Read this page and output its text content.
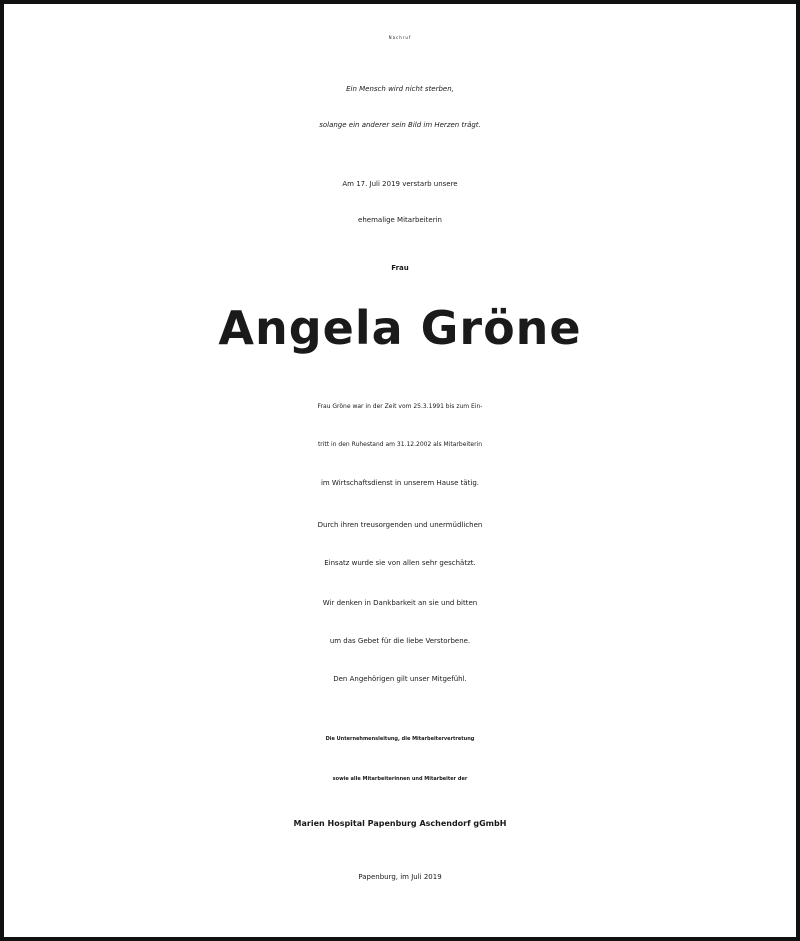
Nachruf
Ein Mensch wird nicht sterben,
solange ein anderer sein Bild im Herzen trägt.
Am 17. Juli 2019 verstarb unsere
ehemalige Mitarbeiterin
Frau
Angela Gröne
Frau Gröne war in der Zeit vom 25.3.1991 bis zum Ein-
tritt in den Ruhestand am 31.12.2002 als Mitarbeiterin
im Wirtschaftsdienst in unserem Hause tätig.
Durch ihren treusorgenden und unermüdlichen
Einsatz wurde sie von allen sehr geschätzt.
Wir denken in Dankbarkeit an sie und bitten
um das Gebet für die liebe Verstorbene.
Den Angehörigen gilt unser Mitgefühl.
Die Unternehmensleitung, die Mitarbeitervertretung
sowie alle Mitarbeiterinnen und Mitarbeiter der
Marien Hospital Papenburg Aschendorf gGmbH
Papenburg, im Juli 2019
